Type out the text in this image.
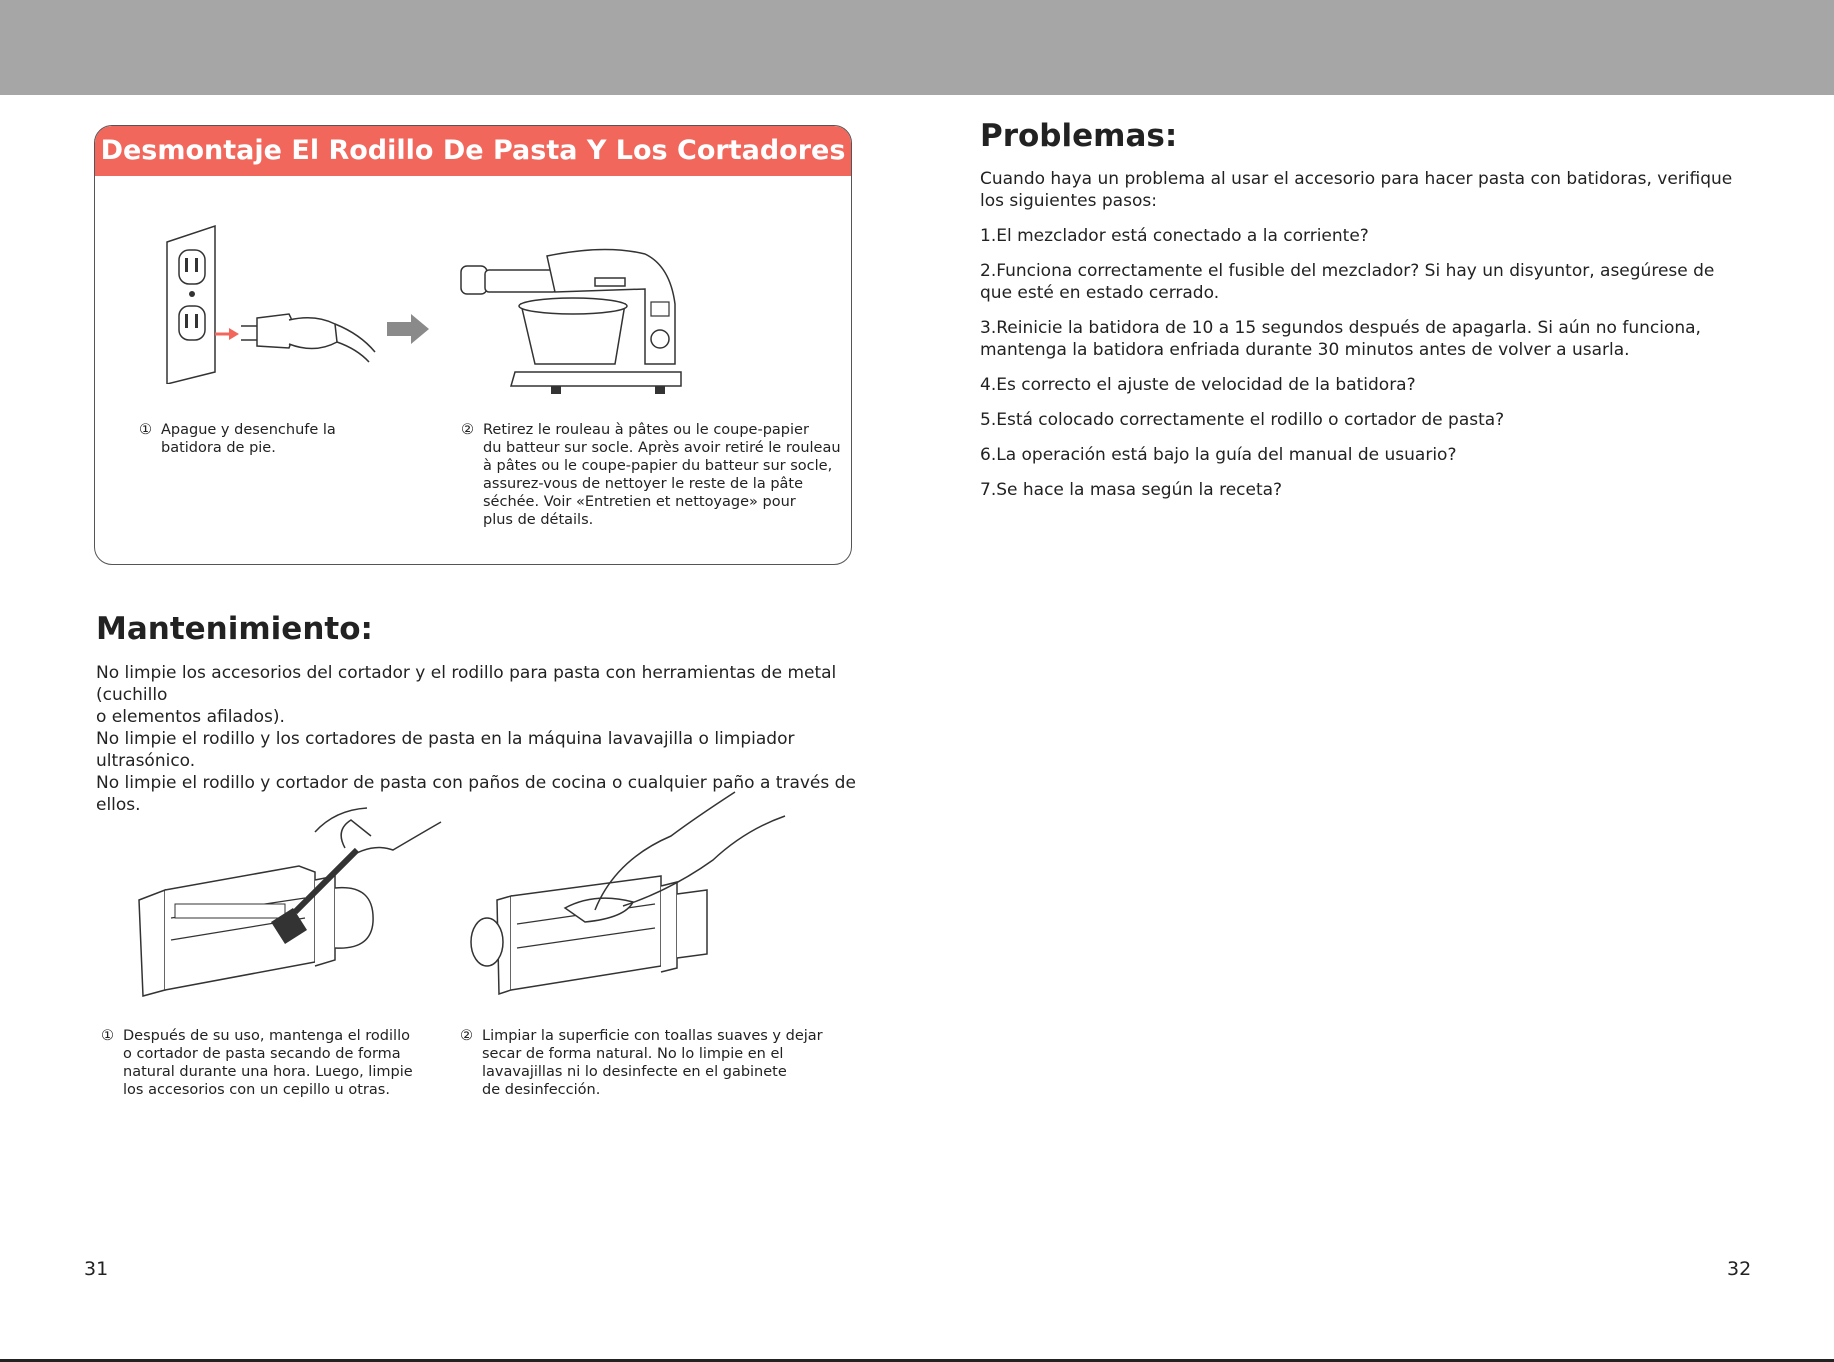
Desmontaje El Rodillo De Pasta Y Los Cortadores
① Apague y desenchufe la
batidora de pie.
② Retirez le rouleau à pâtes ou le coupe-papier
du batteur sur socle. Après avoir retiré le rouleau
à pâtes ou le coupe-papier du batteur sur socle,
assurez-vous de nettoyer le reste de la pâte
séchée. Voir «Entretien et nettoyage» pour
plus de détails.
Mantenimiento:

No limpie los accesorios del cortador y el rodillo para pasta con herramientas de metal (cuchillo

o elementos afilados).

No limpie el rodillo y los cortadores de pasta en la máquina lavavajilla o limpiador ultrasónico.

No limpie el rodillo y cortador de pasta con paños de cocina o cualquier paño a través de ellos.

① Después de su uso, mantenga el rodillo
o cortador de pasta secando de forma
natural durante una hora. Luego, limpie
los accesorios con un cepillo u otras.
② Limpiar la superficie con toallas suaves y dejar
secar de forma natural. No lo limpie en el
lavavajillas ni lo desinfecte en el gabinete
de desinfección.
Problemas:

Cuando haya un problema al usar el accesorio para hacer pasta con batidoras, verifique los siguientes pasos:

1.El mezclador está conectado a la corriente?

2.Funciona correctamente el fusible del mezclador? Si hay un disyuntor, asegúrese de que esté en estado cerrado.

3.Reinicie la batidora de 10 a 15 segundos después de apagarla. Si aún no funciona, mantenga la batidora enfriada durante 30 minutos antes de volver a usarla.

4.Es correcto el ajuste de velocidad de la batidora?

5.Está colocado correctamente el rodillo o cortador de pasta?

6.La operación está bajo la guía del manual de usuario?

7.Se hace la masa según la receta?

31	32
